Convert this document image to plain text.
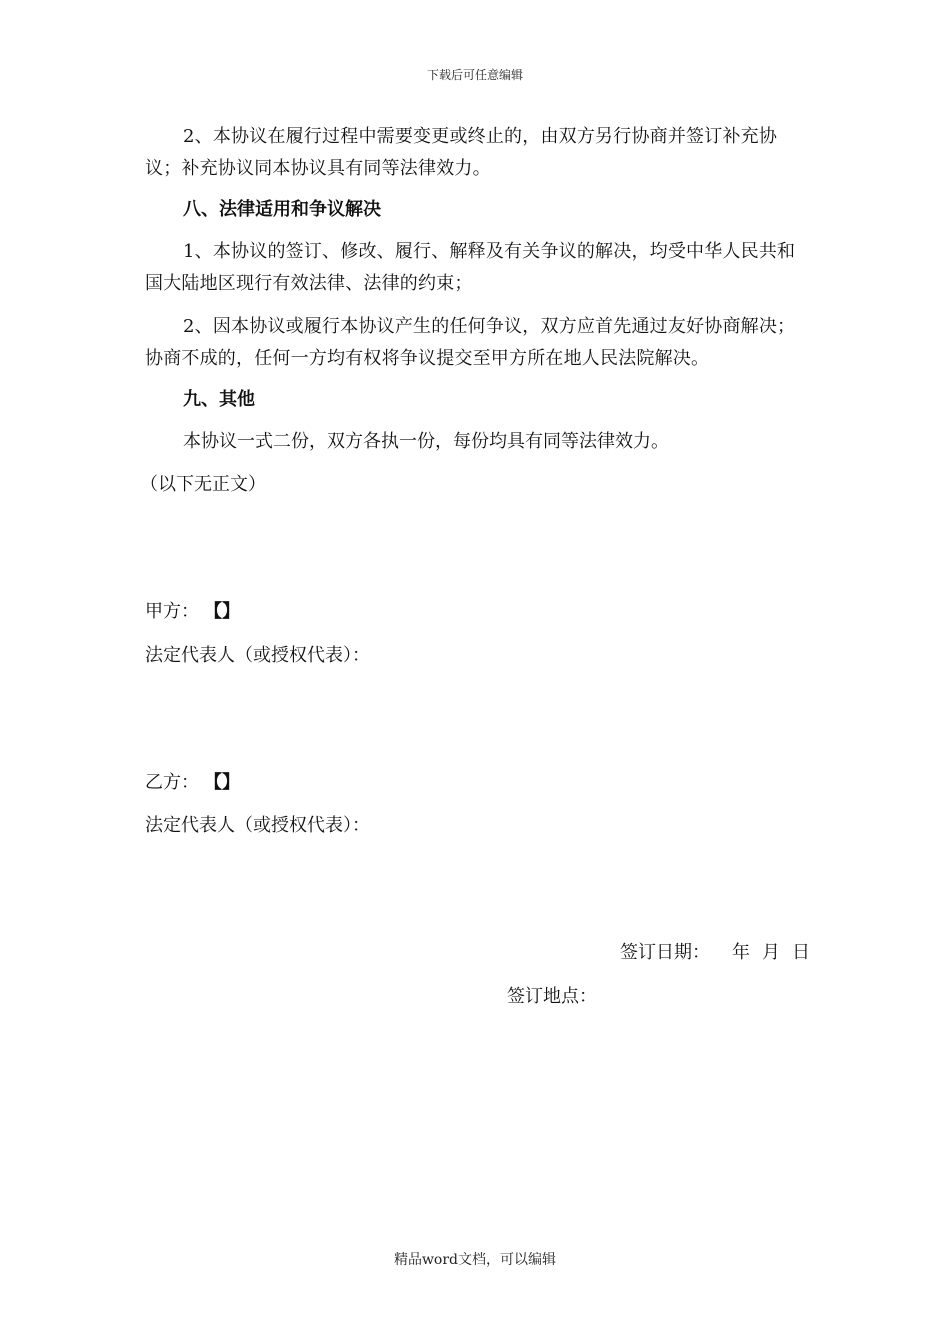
下载后可任意编辑

2、本协议在履行过程中需要变更或终止的，由双方另行协商并签订补充协议；补充协议同本协议具有同等法律效力。

八、法律适用和争议解决

1、本协议的签订、修改、履行、解释及有关争议的解决，均受中华人民共和国大陆地区现行有效法律、法律的约束；

2、因本协议或履行本协议产生的任何争议，双方应首先通过友好协商解决；协商不成的，任何一方均有权将争议提交至甲方所在地人民法院解决。

九、其他

本协议一式二份，双方各执一份，每份均具有同等法律效力。

（以下无正文）

甲方： 【】

法定代表人（或授权代表）：

乙方： 【】

法定代表人（或授权代表）：

签订日期： 年 月 日

签订地点：

精品word文档，可以编辑
